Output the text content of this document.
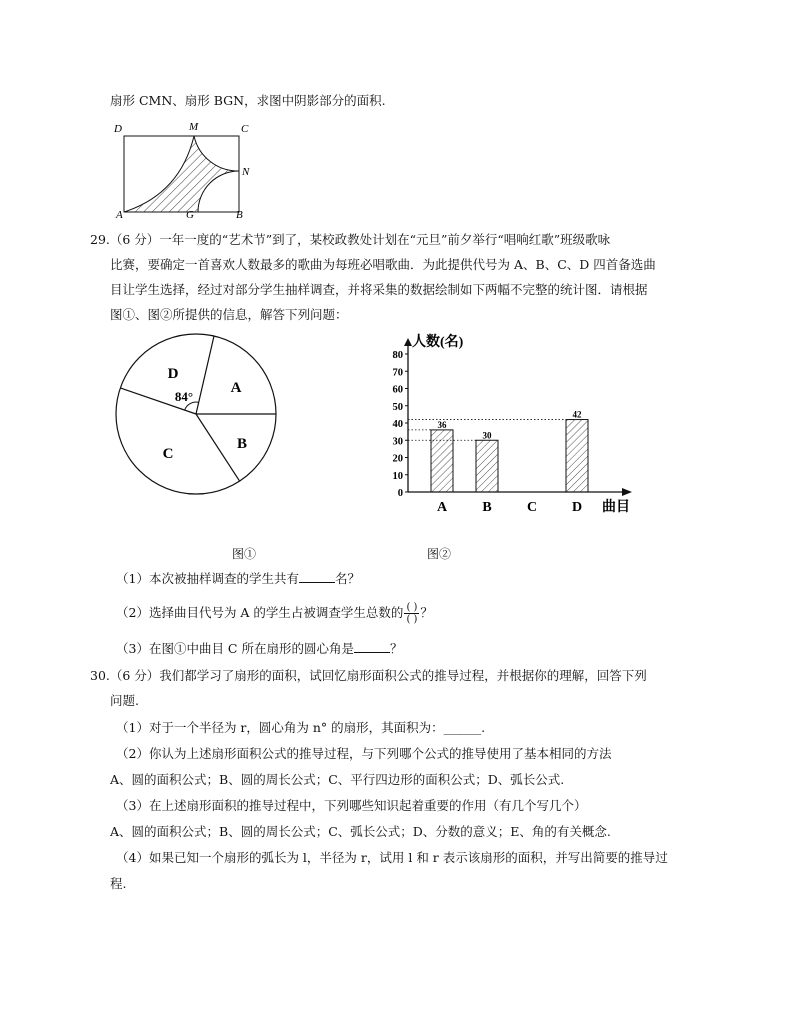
扇形 CMN、扇形 BGN，求图中阴影部分的面积.
D	M	C
N
A	G	B
29.（6 分）一年一度的“艺术节”到了，某校政教处计划在“元旦”前夕举行“唱响红歌”班级歌咏
比赛，要确定一首喜欢人数最多的歌曲为每班必唱歌曲．为此提供代号为 A、B、C、D 四首备选曲
目让学生选择，经过对部分学生抽样调查，并将采集的数据绘制如下两幅不完整的统计图．请根据
图①、图②所提供的信息，解答下列问题：
A
B
C
D
84°
0
10
20
30
40
50
60
70
80
人数(名)
曲目
36
A
30
B	C
42
D
图①	图②
（1）本次被抽样调查的学生共有	名？
（2）选择曲目代号为 A 的学生占被调查学生总数的 $\frac{( )}{( )}$ ？
（3）在图①中曲目 C 所在扇形的圆心角是	？
30.（6 分）我们都学习了扇形的面积，试回忆扇形面积公式的推导过程，并根据你的理解，回答下列
问题.
（1）对于一个半径为 r，圆心角为 n° 的扇形，其面积为：______.
（2）你认为上述扇形面积公式的推导过程，与下列哪个公式的推导使用了基本相同的方法
A、圆的面积公式；B、圆的周长公式；C、平行四边形的面积公式；D、弧长公式.
（3）在上述扇形面积的推导过程中，下列哪些知识起着重要的作用（有几个写几个）
A、圆的面积公式；B、圆的周长公式；C、弧长公式；D、分数的意义；E、角的有关概念.
（4）如果已知一个扇形的弧长为 l，半径为 r，试用 l 和 r 表示该扇形的面积，并写出简要的推导过
程.
